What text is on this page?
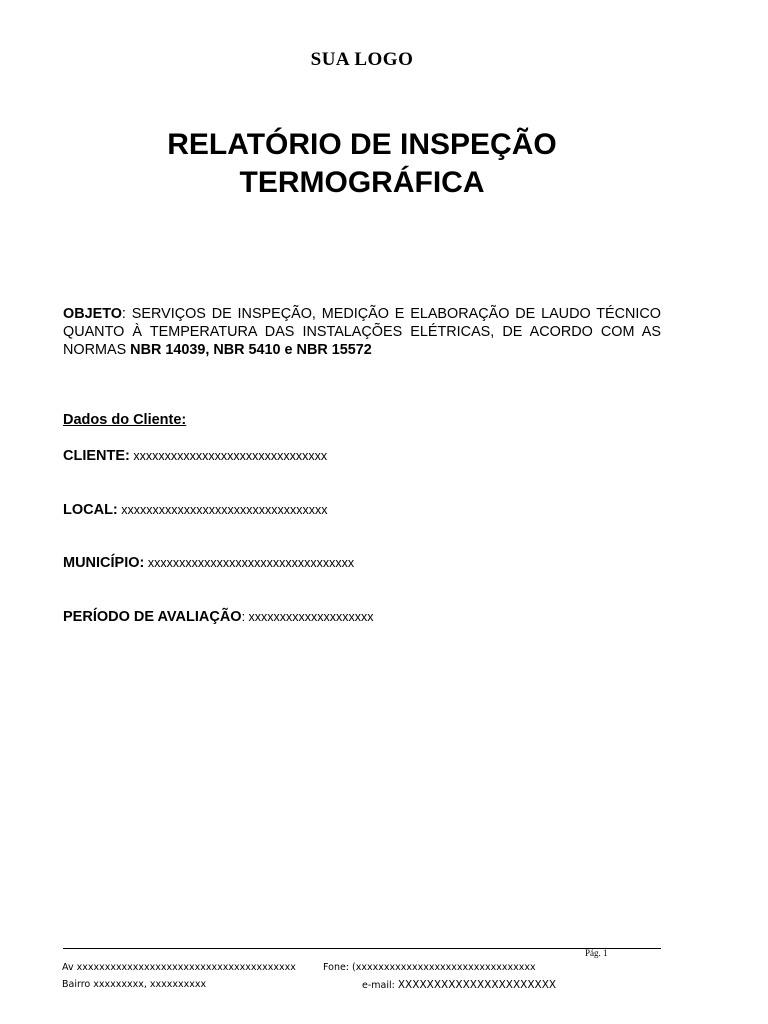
SUA LOGO
RELATÓRIO DE INSPEÇÃO
TERMOGRÁFICA
OBJETO: SERVIÇOS DE INSPEÇÃO, MEDIÇÃO E ELABORAÇÃO DE LAUDO TÉCNICO QUANTO À TEMPERATURA DAS INSTALAÇÕES ELÉTRICAS, DE ACORDO COM AS NORMAS NBR 14039, NBR 5410 e NBR 15572
Dados do Cliente:
CLIENTE: xxxxxxxxxxxxxxxxxxxxxxxxxxxxxxx
LOCAL: xxxxxxxxxxxxxxxxxxxxxxxxxxxxxxxxx
MUNICÍPIO: xxxxxxxxxxxxxxxxxxxxxxxxxxxxxxxxx
PERÍODO DE AVALIAÇÃO: xxxxxxxxxxxxxxxxxxxx
Pág. 1
Av xxxxxxxxxxxxxxxxxxxxxxxxxxxxxxxxxxxxxxx	Fone: (xxxxxxxxxxxxxxxxxxxxxxxxxxxxxxxx
Bairro xxxxxxxxx, xxxxxxxxxx	e-mail: XXXXXXXXXXXXXXXXXXXXXX
